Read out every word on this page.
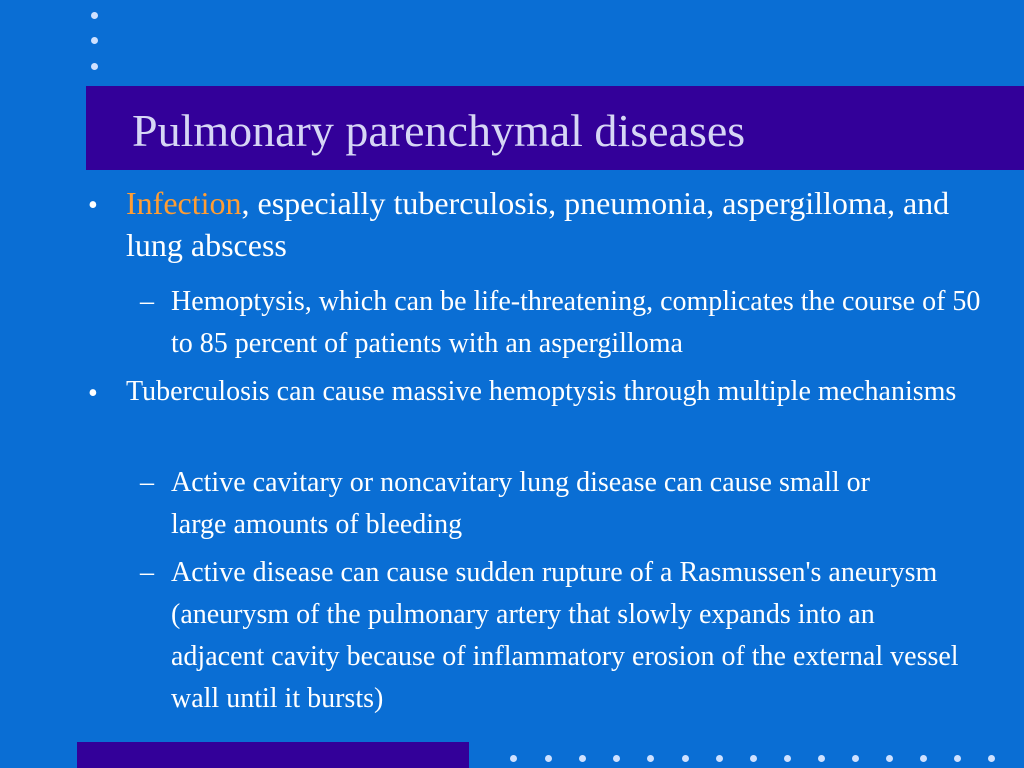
Pulmonary parenchymal diseases
• Infection, especially tuberculosis, pneumonia, aspergilloma, and lung abscess

– Hemoptysis, which can be life-threatening, complicates the course of 50 to 85 percent of patients with an aspergilloma

• Tuberculosis can cause massive hemoptysis through multiple mechanisms

– Active cavitary or noncavitary lung disease can cause small or large amounts of bleeding

– Active disease can cause sudden rupture of a Rasmussen's aneurysm (aneurysm of the pulmonary artery that slowly expands into an adjacent cavity because of inflammatory erosion of the external vessel wall until it bursts)
